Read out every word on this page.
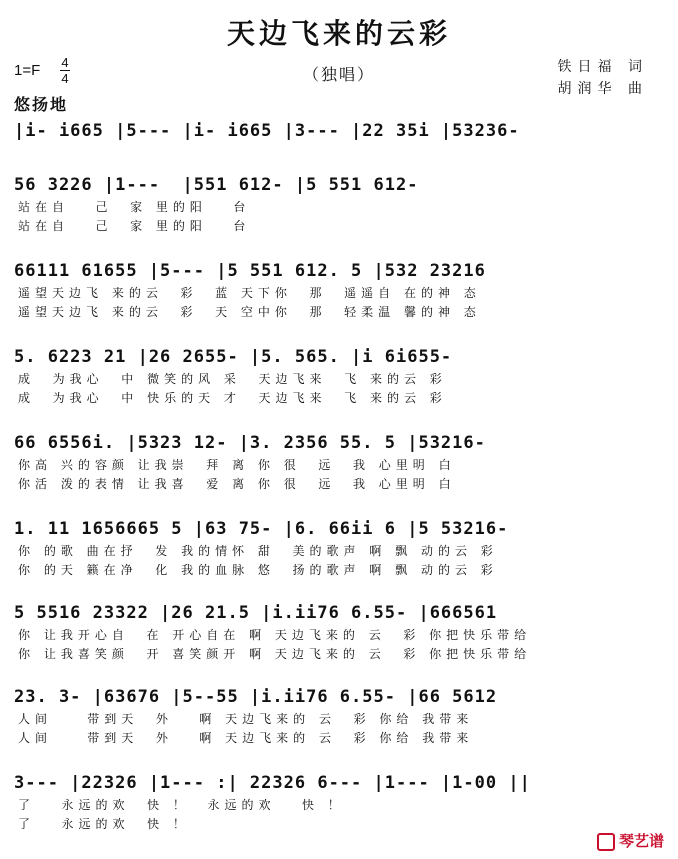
天边飞来的云彩
（独唱）	铁日福 词
胡润华 曲
1=F 4
4
悠扬地
|i- i665 |5--- |i- i665 |3--- |22 35i |53236-
56 3226 |1---  |551 612- |5 551 612-
站在自   己  家 里的阳   台
站在自   己  家 里的阳   台
66111 61655 |5--- |5 551 612. 5 |532 23216
遥望天边飞 来的云  彩  蓝 天下你  那  遥遥自 在的神 态
遥望天边飞 来的云  彩  天 空中你  那  轻柔温 馨的神 态
5. 6223 21 |26 2655- |5. 565. |i 6i655-
成  为我心  中 微笑的风 采  天边飞来  飞 来的云 彩
成  为我心  中 快乐的天 才  天边飞来  飞 来的云 彩
66 6556i. |5323 12- |3. 2356 55. 5 |53216-
你高 兴的容颜 让我崇  拜 离 你 很  远  我 心里明 白
你活 泼的表情 让我喜  爱 离 你 很  远  我 心里明 白
1. 11 1656665 5 |63 75- |6. 66ii 6 |5 53216-
你 的歌 曲在抒  发 我的情怀 甜  美的歌声 啊 飘 动的云 彩
你 的天 籁在净  化 我的血脉 悠  扬的歌声 啊 飘 动的云 彩
5 5516 23322 |26 21.5 |i.ii76 6.55- |666561
你 让我开心自  在 开心自在 啊 天边飞来的 云  彩 你把快乐带给
你 让我喜笑颜  开 喜笑颜开 啊 天边飞来的 云  彩 你把快乐带给
23. 3- |63676 |5--55 |i.ii76 6.55- |66 5612
人间    带到天  外   啊 天边飞来的 云  彩 你给 我带来
人间    带到天  外   啊 天边飞来的 云  彩 你给 我带来
3--- |22326 |1--- :| 22326 6--- |1--- |1-00 ||
了   永远的欢  快 ！  永远的欢   快 ！
了   永远的欢  快 ！
琴艺谱
